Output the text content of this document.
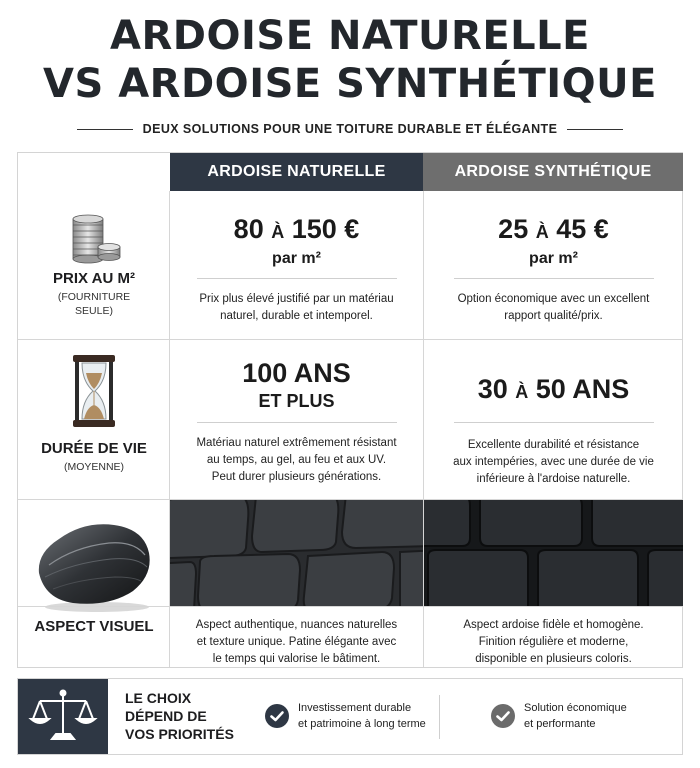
ARDOISE NATURELLE
VS ARDOISE SYNTHÉTIQUE
DEUX SOLUTIONS POUR UNE TOITURE DURABLE ET ÉLÉGANTE
ARDOISE NATURELLE	ARDOISE SYNTHÉTIQUE
PRIX AU M²
(FOURNITURE
SEULE)
80 À 150 €
par m²
Prix plus élevé justifié par un matériau
naturel, durable et intemporel.
25 À 45 €
par m²
Option économique avec un excellent
rapport qualité/prix.
DURÉE DE VIE
(MOYENNE)
100 ANS
ET PLUS
Matériau naturel extrêmement résistant
au temps, au gel, au feu et aux UV.
Peut durer plusieurs générations.
30 À 50 ANS
Excellente durabilité et résistance
aux intempéries, avec une durée de vie
inférieure à l'ardoise naturelle.
ASPECT VISUEL	Aspect authentique, nuances naturelles
et texture unique. Patine élégante avec
le temps qui valorise le bâtiment.
Aspect ardoise fidèle et homogène.
Finition régulière et moderne,
disponible en plusieurs coloris.
LE CHOIX
DÉPEND DE
VOS PRIORITÉS
Investissement durable
et patrimoine à long terme
Solution économique
et performante
